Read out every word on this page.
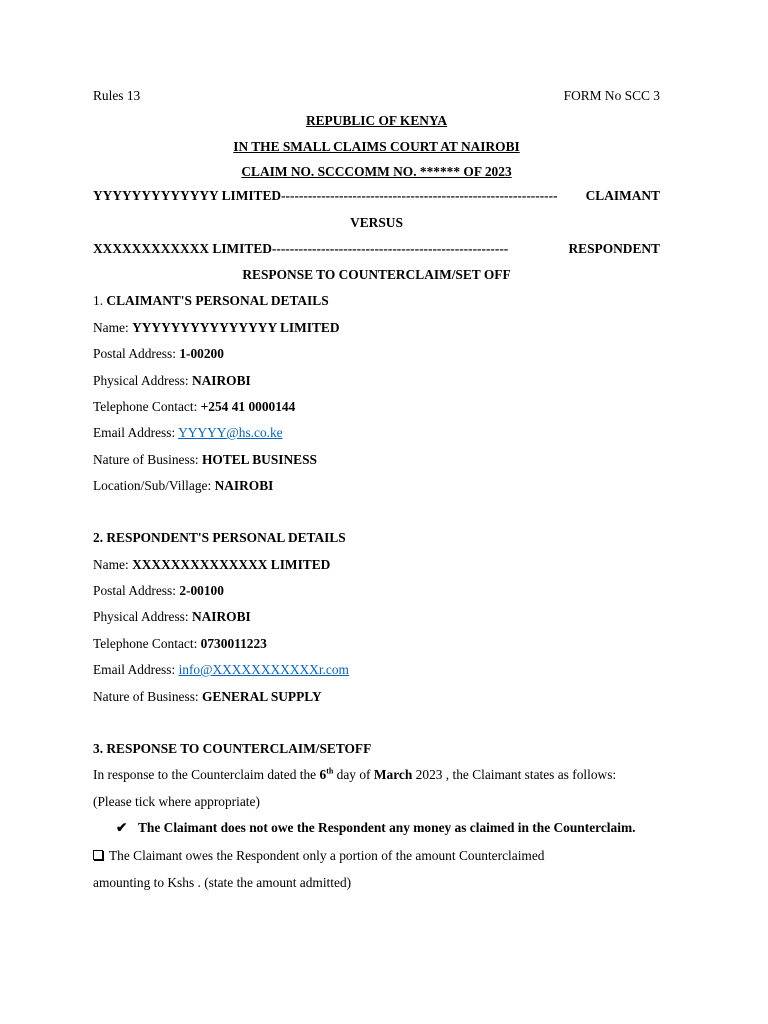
Rules 13	FORM No SCC 3
REPUBLIC OF KENYA
IN THE SMALL CLAIMS COURT AT NAIROBI
CLAIM NO. SCCCOMM NO. ****** OF 2023
YYYYYYYYYYYYY LIMITED-------------------------------------------------------------- CLAIMANT
VERSUS
XXXXXXXXXXXX LIMITED-----------------------------------------------------	RESPONDENT
RESPONSE TO COUNTERCLAIM/SET OFF
1. CLAIMANT'S PERSONAL DETAILS
Name: YYYYYYYYYYYYYYY LIMITED
Postal Address: 1-00200
Physical Address: NAIROBI
Telephone Contact: +254 41 0000144
Email Address: YYYYY@hs.co.ke
Nature of Business: HOTEL BUSINESS
Location/Sub/Village: NAIROBI
2. RESPONDENT'S PERSONAL DETAILS
Name: XXXXXXXXXXXXXX LIMITED
Postal Address: 2-00100
Physical Address: NAIROBI
Telephone Contact: 0730011223
Email Address: info@XXXXXXXXXXXr.com
Nature of Business: GENERAL SUPPLY
3. RESPONSE TO COUNTERCLAIM/SETOFF
In response to the Counterclaim dated the 6th day of March 2023 , the Claimant states as follows:
(Please tick where appropriate)
✔ The Claimant does not owe the Respondent any money as claimed in the Counterclaim.
The Claimant owes the Respondent only a portion of the amount Counterclaimed
amounting to Kshs . (state the amount admitted)
